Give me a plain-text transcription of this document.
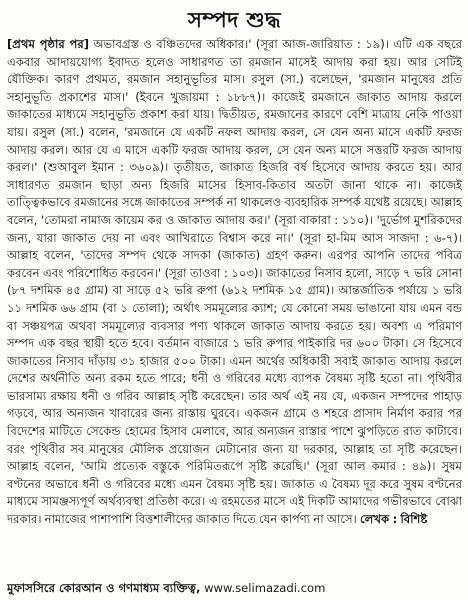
সম্পদ শুদ্ধ

[প্রথম পৃষ্ঠার পর] অভাবগ্রস্ত ও বঞ্চিতদের অধিকার।' (সূরা আজ-জারিয়াত : ১৯)। এটি এক বছরে একবার আদায়যোগ্য ইবাদত হলেও সাধারণত তা রমজান মাসেই আদায় করা হয়। আর সেটিই যৌক্তিক। কারণ প্রথমত, রমজান সহানুভূতির মাস। রসুল (সা.) বলেছেন, 'রমজান মানুষের প্রতি সহানুভূতি প্রকাশের মাস।' (ইবনে খুজায়মা : ১৮৮৭)। কাজেই রমজানে জাকাত আদায় করলে জাকাতের মাধ্যমে সহানুভূতি প্রকাশ করা যায়। দ্বিতীয়ত, রমজানের কারণে বেশি মাত্রায় নেকি পাওয়া যায়। রসুল (সা.) বলেন, 'রমজানে যে একটি নফল আদায় করল, সে যেন অন্য মাসে একটি ফরজ আদায় করল। আর যে এ মাসে একটি ফরজ আদায় করল, সে যেন অন্য মাসে সত্তরটি ফরজ আদায় করল।' (শুআবুল ইমান : ৩৬০৯)। তৃতীয়ত, জাকাত হিজরি বর্ষ হিসেবে আদায় করতে হয়। আর সাধারণত রমজান ছাড়া অন্য হিজরি মাসের হিসাব-কিতাব অতটা জানা থাকে না। কাজেই তাত্ত্বিকভাবে রমজানের সঙ্গে জাকাতের সম্পর্ক না থাকলেও ব্যবহারিক সম্পর্ক যথেষ্ট রয়েছে। আল্লাহ বলেন, 'তোমরা নামাজ কায়েম কর ও জাকাত আদায় কর।' (সূরা বাকারা : ১১০)। 'দুর্ভোগ মুশরিকদের জন্য, যারা জাকাত দেয় না এবং আখিরাতে বিশ্বাস করে না।' (সূরা হা-মিম আস সাজদা : ৬-৭)। আল্লাহ বলেন, 'তাদের সম্পদ থেকে সাদকা (জাকাত) গ্রহণ করুন। এরপর আপনি তাদের পবিত্র করবেন এবং পরিশোধিত করবেন।' (সূরা তাওবা : ১০৩)। জাকাতের নিসাব হলো, সাড়ে ৭ ভরি সোনা (৮৭ দশমিক ৪৫ গ্রাম) বা সাড়ে ৫২ ভরি রুপা (৬১২ দশমিক ১৫ গ্রাম)। আন্তর্জাতিক পর্যায়ে ১ ভরি ১১ দশমিক ৬৬ গ্রাম (বা ১ তোলা); অর্থাৎ সমমূল্যের ক্যাশ; যে কোনো সময় ভাঙানো যায় এমন বন্ড বা সঞ্চয়পত্র অথবা সমমূল্যের ব্যবসার পণ্য থাকলে জাকাত আদায় করতে হয়। অবশ্য এ পরিমাণ সম্পদ এক বছর স্থায়ী হতে হবে। বর্তমান বাজারে ১ ভরি রুপার পাইকারি দর ৬০০ টাকা। সে হিসেবে জাকাতের নিসাব দাঁড়ায় ৩১ হাজার ৫০০ টাকা। এমন অর্থের অধিকারী সবাই জাকাত আদায় করলে দেশের অর্থনীতি অন্য রকম হতে পারে; ধনী ও গরিবের মধ্যে ব্যাপক বৈষম্য সৃষ্টি হতো না। পৃথিবীর ভারসাম্য রক্ষায় ধনী ও গরিব আল্লাহ সৃষ্টি করেছেন। তার অর্থ এই নয় যে, একজন সম্পদের পাহাড় গড়বে, আর অন্যজন খাবারের জন্য রাস্তায় ঘুরবে। একজন গ্রামে ও শহরে প্রাসাদ নির্মাণ করার পর বিদেশের মাটিতে সেকেন্ড হোমের হিসাব মেলাবে, আর অন্যজন রাস্তার পাশে ঝুপড়িতে রাত কাটাবে। বরং পৃথিবীর সব মানুষের মৌলিক প্রয়োজন মেটানোর জন্য যা দরকার, আল্লাহ তা সৃষ্টি করেছেন। আল্লাহ বলেন, 'আমি প্রত্যেক বস্তুকে পরিমিতরূপে সৃষ্টি করেছি।' (সূরা আল কমার : ৪৯)। সুষম বণ্টনের অভাবে ধনী ও গরিবের মধ্যে এমন বৈষম্য সৃষ্টি হয়। জাকাত এ বৈষম্য দূর করে সুষম বণ্টনের মাধ্যমে সামঞ্জস্যপূর্ণ অর্থব্যবস্থা প্রতিষ্ঠা করে। এ রহমতের মাসে এই দিকটি আমাদের গভীরভাবে বোঝা দরকার। নামাজের পাশাপাশি বিত্তশালীদের জাকাত দিতে যেন কার্পণ্য না আসে। লেখক : বিশিষ্ট

মুফাসসিরে কোরআন ও গণমাধ্যম ব্যক্তিত্ব, www.selimazadi.com
